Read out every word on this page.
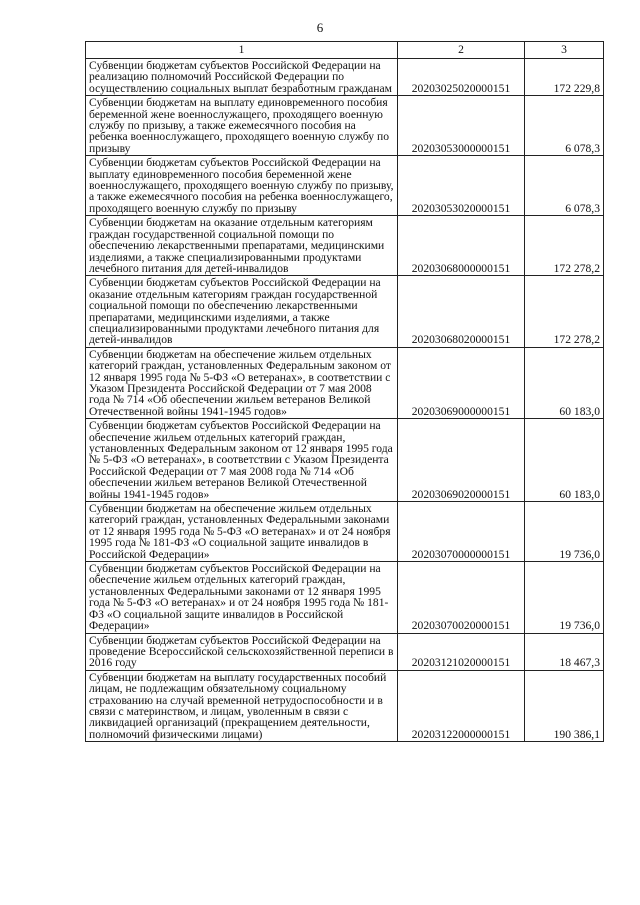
6
1	2	3
Субвенции бюджетам субъектов Российской Федерации на реализацию полномочий Российской Федерации по осуществлению социальных выплат безработным гражданам	20203025020000151	172 229,8
Субвенции бюджетам на выплату единовременного пособия беременной жене военнослужащего, проходящего военную службу по призыву, а также ежемесячного пособия на ребенка военнослужащего, проходящего военную службу по призыву	20203053000000151	6 078,3
Субвенции бюджетам субъектов Российской Федерации на выплату единовременного пособия беременной жене военнослужащего, проходящего военную службу по призыву, а также ежемесячного пособия на ребенка военнослужащего, проходящего военную службу по призыву	20203053020000151	6 078,3
Субвенции бюджетам на оказание отдельным категориям граждан государственной социальной помощи по обеспечению лекарственными препаратами, медицинскими изделиями, а также специализированными продуктами лечебного питания для детей-инвалидов	20203068000000151	172 278,2
Субвенции бюджетам субъектов Российской Федерации на оказание отдельным категориям граждан государственной социальной помощи по обеспечению лекарственными препаратами, медицинскими изделиями, а также специализированными продуктами лечебного питания для детей-инвалидов	20203068020000151	172 278,2
Субвенции бюджетам на обеспечение жильем отдельных категорий граждан, установленных Федеральным законом от 12 января 1995 года № 5-ФЗ «О ветеранах», в соответствии с Указом Президента Российской Федерации от 7 мая 2008 года № 714 «Об обеспечении жильем ветеранов Великой Отечественной войны 1941-1945 годов»	20203069000000151	60 183,0
Субвенции бюджетам субъектов Российской Федерации на обеспечение жильем отдельных категорий граждан, установленных Федеральным законом от 12 января 1995 года № 5-ФЗ «О ветеранах», в соответствии с Указом Президента Российской Федерации от 7 мая 2008 года № 714 «Об обеспечении жильем ветеранов Великой Отечественной войны 1941-1945 годов»	20203069020000151	60 183,0
Субвенции бюджетам на обеспечение жильем отдельных категорий граждан, установленных Федеральными законами от 12 января 1995 года № 5-ФЗ «О ветеранах» и от 24 ноября 1995 года № 181-ФЗ «О социальной защите инвалидов в Российской Федерации»	20203070000000151	19 736,0
Субвенции бюджетам субъектов Российской Федерации на обеспечение жильем отдельных категорий граждан, установленных Федеральными законами от 12 января 1995 года № 5-ФЗ «О ветеранах» и от 24 ноября 1995 года № 181-ФЗ «О социальной защите инвалидов в Российской Федерации»	20203070020000151	19 736,0
Субвенции бюджетам субъектов Российской Федерации на проведение Всероссийской сельскохозяйственной переписи в 2016 году	20203121020000151	18 467,3
Субвенции бюджетам на выплату государственных пособий лицам, не подлежащим обязательному социальному страхованию на случай временной нетрудоспособности и в связи с материнством, и лицам, уволенным в связи с ликвидацией организаций (прекращением деятельности, полномочий физическими лицами)	20203122000000151	190 386,1
